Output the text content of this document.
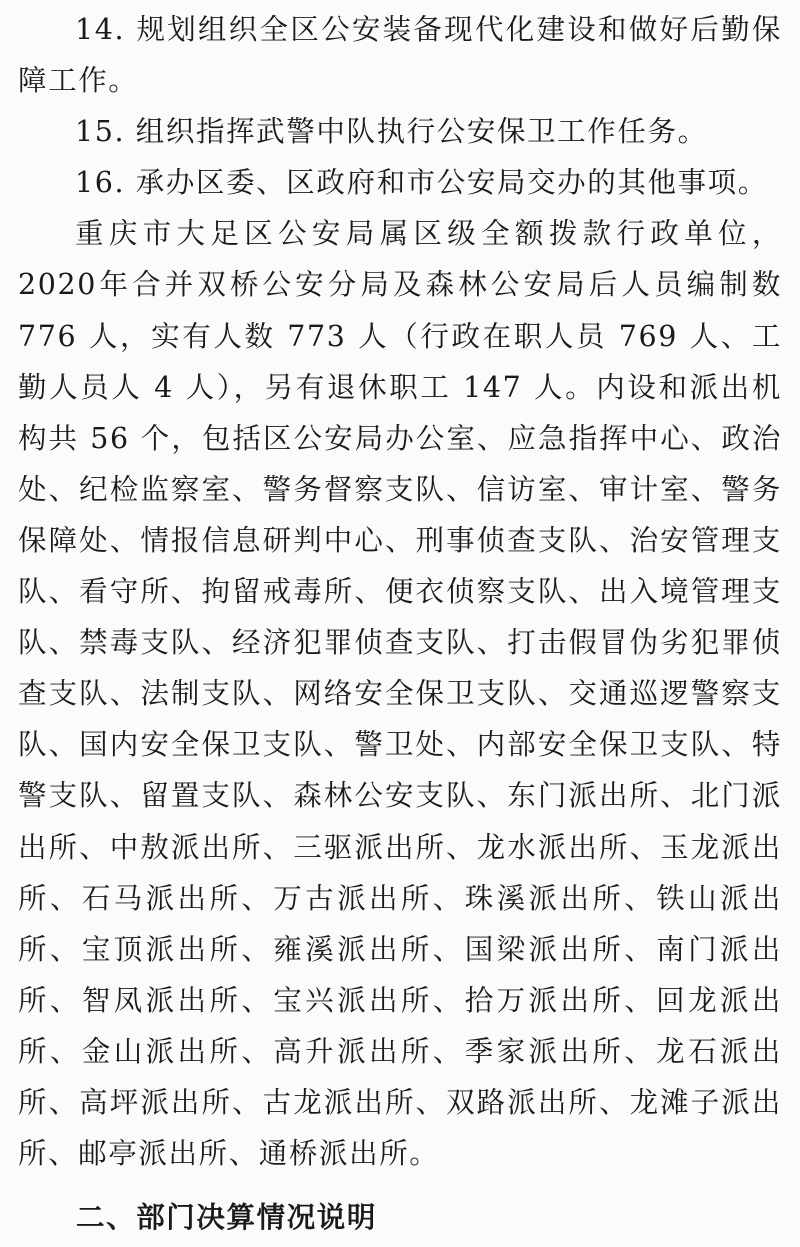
14. 规划组织全区公安装备现代化建设和做好后勤保障工作。

15. 组织指挥武警中队执行公安保卫工作任务。

16. 承办区委、区政府和市公安局交办的其他事项。

重庆市大足区公安局属区级全额拨款行政单位，2020年合并双桥公安分局及森林公安局后人员编制数 776 人，实有人数 773 人（行政在职人员 769 人、工勤人员人 4 人），另有退休职工 147 人。内设和派出机构共 56 个，包括区公安局办公室、应急指挥中心、政治处、纪检监察室、警务督察支队、信访室、审计室、警务保障处、情报信息研判中心、刑事侦查支队、治安管理支队、看守所、拘留戒毒所、便衣侦察支队、出入境管理支队、禁毒支队、经济犯罪侦查支队、打击假冒伪劣犯罪侦查支队、法制支队、网络安全保卫支队、交通巡逻警察支队、国内安全保卫支队、警卫处、内部安全保卫支队、特警支队、留置支队、森林公安支队、东门派出所、北门派出所、中敖派出所、三驱派出所、龙水派出所、玉龙派出所、石马派出所、万古派出所、珠溪派出所、铁山派出所、宝顶派出所、雍溪派出所、国梁派出所、南门派出所、智凤派出所、宝兴派出所、拾万派出所、回龙派出所、金山派出所、高升派出所、季家派出所、龙石派出所、高坪派出所、古龙派出所、双路派出所、龙滩子派出所、邮亭派出所、通桥派出所。

二、部门决算情况说明
